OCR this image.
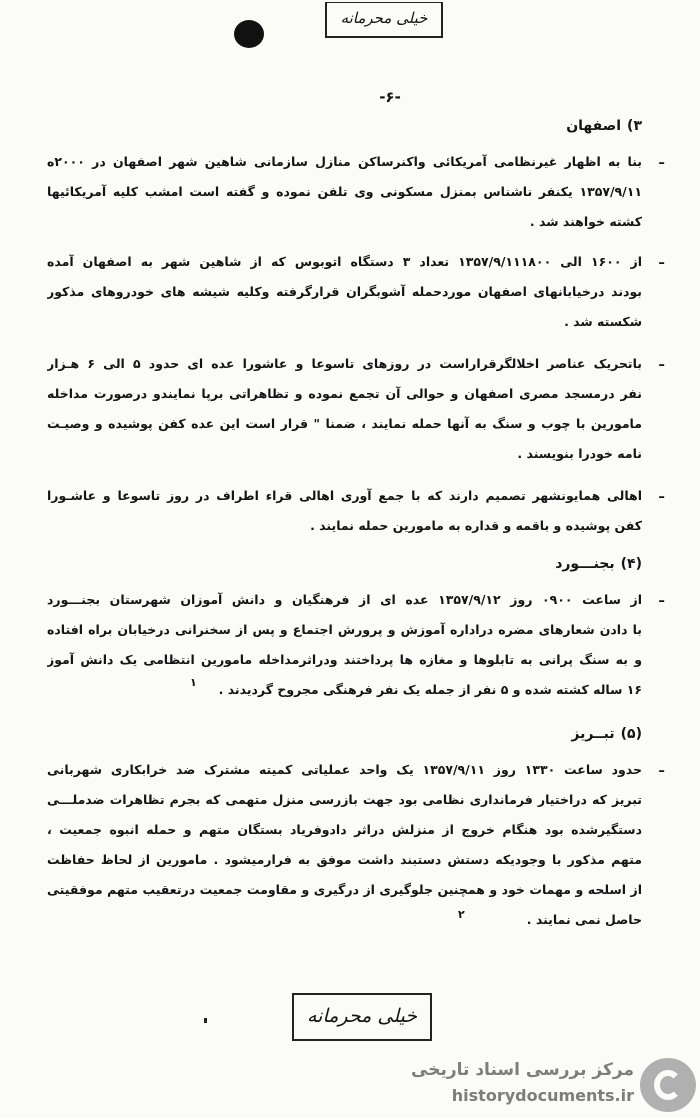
خیلی محرمانه
-۶-
۳)اصفهان
ـ
بنا به اظهار غیرنظامی آمریکائی واکنرساکن منازل سازمانی شاهین شهر اصفهان در ۲۰۰۰ه
۱۳۵۷/۹/۱۱ یکنفر ناشناس بمنزل مسکونی وی تلفن نموده و گفته است امشب کلیه آمریکائیها
کشته خواهند شد .
ـ
از ۱۶۰۰ الی ۱۳۵۷/۹/۱۱۱۸۰۰ تعداد ۳ دستگاه اتوبوس که از شاهین شهر به اصفهان آمده
بودند درخیابانهای اصفهان موردحمله آشوبگران قرارگرفته وکلیه شیشه های خودروهای مذکور
شکسته شد .
ـ
باتحریک عناصر اخلالگرقراراست در روزهای تاسوعا و عاشورا عده ای حدود ۵ الی ۶ هـزار
نفر درمسجد مصری اصفهان و حوالی آن تجمع نموده و تظاهراتی برپا نمایندو درصورت مداخله
مامورین با چوب و سنگ به آنها حمله نمایند ، ضمنا " قرار است این عده کفن پوشیده و وصیـت
نامه خودرا بنویسند .
ـ
اهالی همایونشهر تصمیم دارند که با جمع آوری اهالی قراء اطراف در روز تاسوعا و عاشـورا
کفن پوشیده و باقمه و قداره به مامورین حمله نمایند .
(۴)بجنـــورد
ـ
از ساعت ۰۹۰۰ روز ۱۳۵۷/۹/۱۲ عده ای از فرهنگیان و دانش آموزان شهرستان بجنـــورد
با دادن شعارهای مضره دراداره آموزش و پرورش اجتماع و پس از سخنرانی درخیابان براه افتاده
و به سنگ پرانی به تابلوها و مغازه ها پرداختند ودراثرمداخله مامورین انتظامی یک دانش آموز
۱۶ ساله کشته شده و ۵ نفر از جمله یک نفر فرهنگی مجروح گردیدند .
۱
(۵)تبــریز
ـ
حدود ساعت ۱۳۳۰ روز ۱۳۵۷/۹/۱۱ یک واحد عملیاتی کمیته مشترک ضد خرابکاری شهربانی
تبریز که دراختیار فرمانداری نظامی بود جهت بازرسی منزل متهمی که بجرم تظاهرات ضدملـــی
دستگیرشده بود هنگام خروج از منزلش دراثر دادوفریاد بستگان متهم و حمله انبوه جمعیت ،
متهم مذکور با وجودیکه دستش دستبند داشت موفق به فرارمیشود . مامورین از لحاظ حفاظت
از اسلحه و مهمات خود و همچنین جلوگیری از درگیری و مقاومت جمعیت درتعقیب متهم موفقیتی
حاصل نمی نمایند .
۲
خیلی محرمانه
مرکز بررسی اسناد تاریخی
historydocuments.ir
